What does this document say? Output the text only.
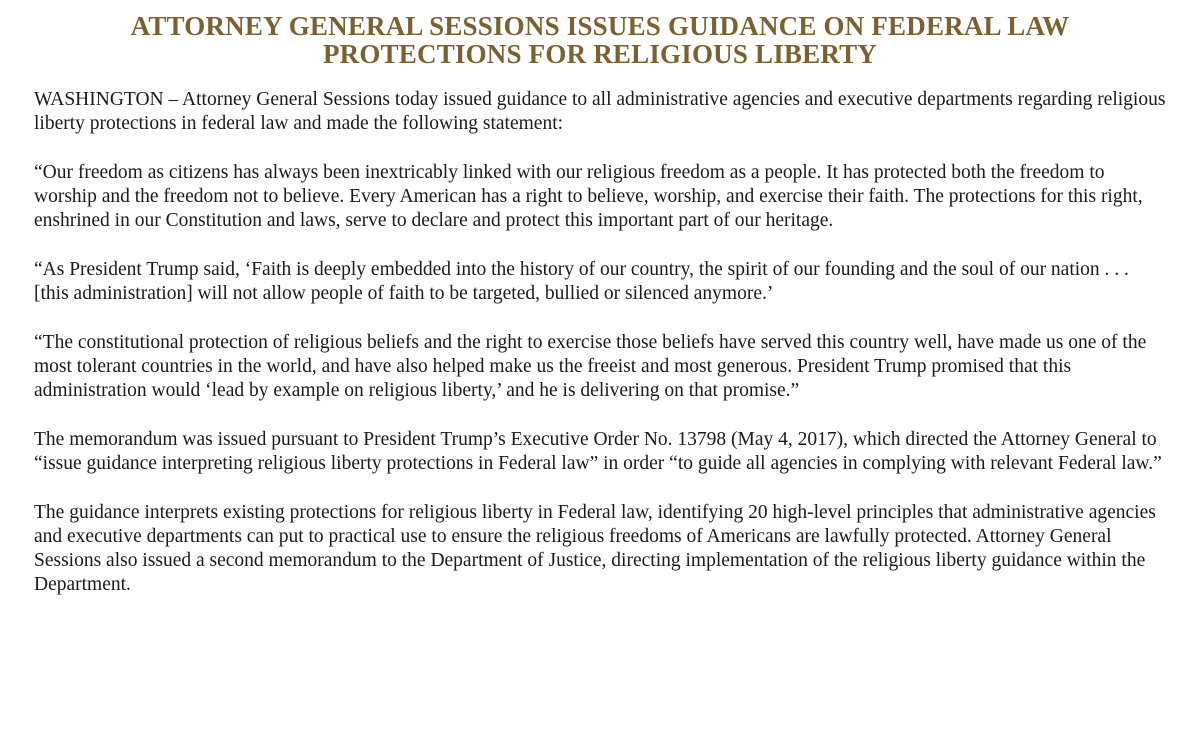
ATTORNEY GENERAL SESSIONS ISSUES GUIDANCE ON FEDERAL LAW
PROTECTIONS FOR RELIGIOUS LIBERTY

WASHINGTON – Attorney General Sessions today issued guidance to all administrative agencies and executive departments regarding religious liberty protections in federal law and made the following statement:

“Our freedom as citizens has always been inextricably linked with our religious freedom as a people. It has protected both the freedom to worship and the freedom not to believe. Every American has a right to believe, worship, and exercise their faith. The protections for this right, enshrined in our Constitution and laws, serve to declare and protect this important part of our heritage.

“As President Trump said, ‘Faith is deeply embedded into the history of our country, the spirit of our founding and the soul of our nation . . . [this administration] will not allow people of faith to be targeted, bullied or silenced anymore.’

“The constitutional protection of religious beliefs and the right to exercise those beliefs have served this country well, have made us one of the most tolerant countries in the world, and have also helped make us the freeist and most generous. President Trump promised that this administration would ‘lead by example on religious liberty,’ and he is delivering on that promise.”

The memorandum was issued pursuant to President Trump’s Executive Order No. 13798 (May 4, 2017), which directed the Attorney General to “issue guidance interpreting religious liberty protections in Federal law” in order “to guide all agencies in complying with relevant Federal law.”

The guidance interprets existing protections for religious liberty in Federal law, identifying 20 high-level principles that administrative agencies and executive departments can put to practical use to ensure the religious freedoms of Americans are lawfully protected. Attorney General Sessions also issued a second memorandum to the Department of Justice, directing implementation of the religious liberty guidance within the Department.
